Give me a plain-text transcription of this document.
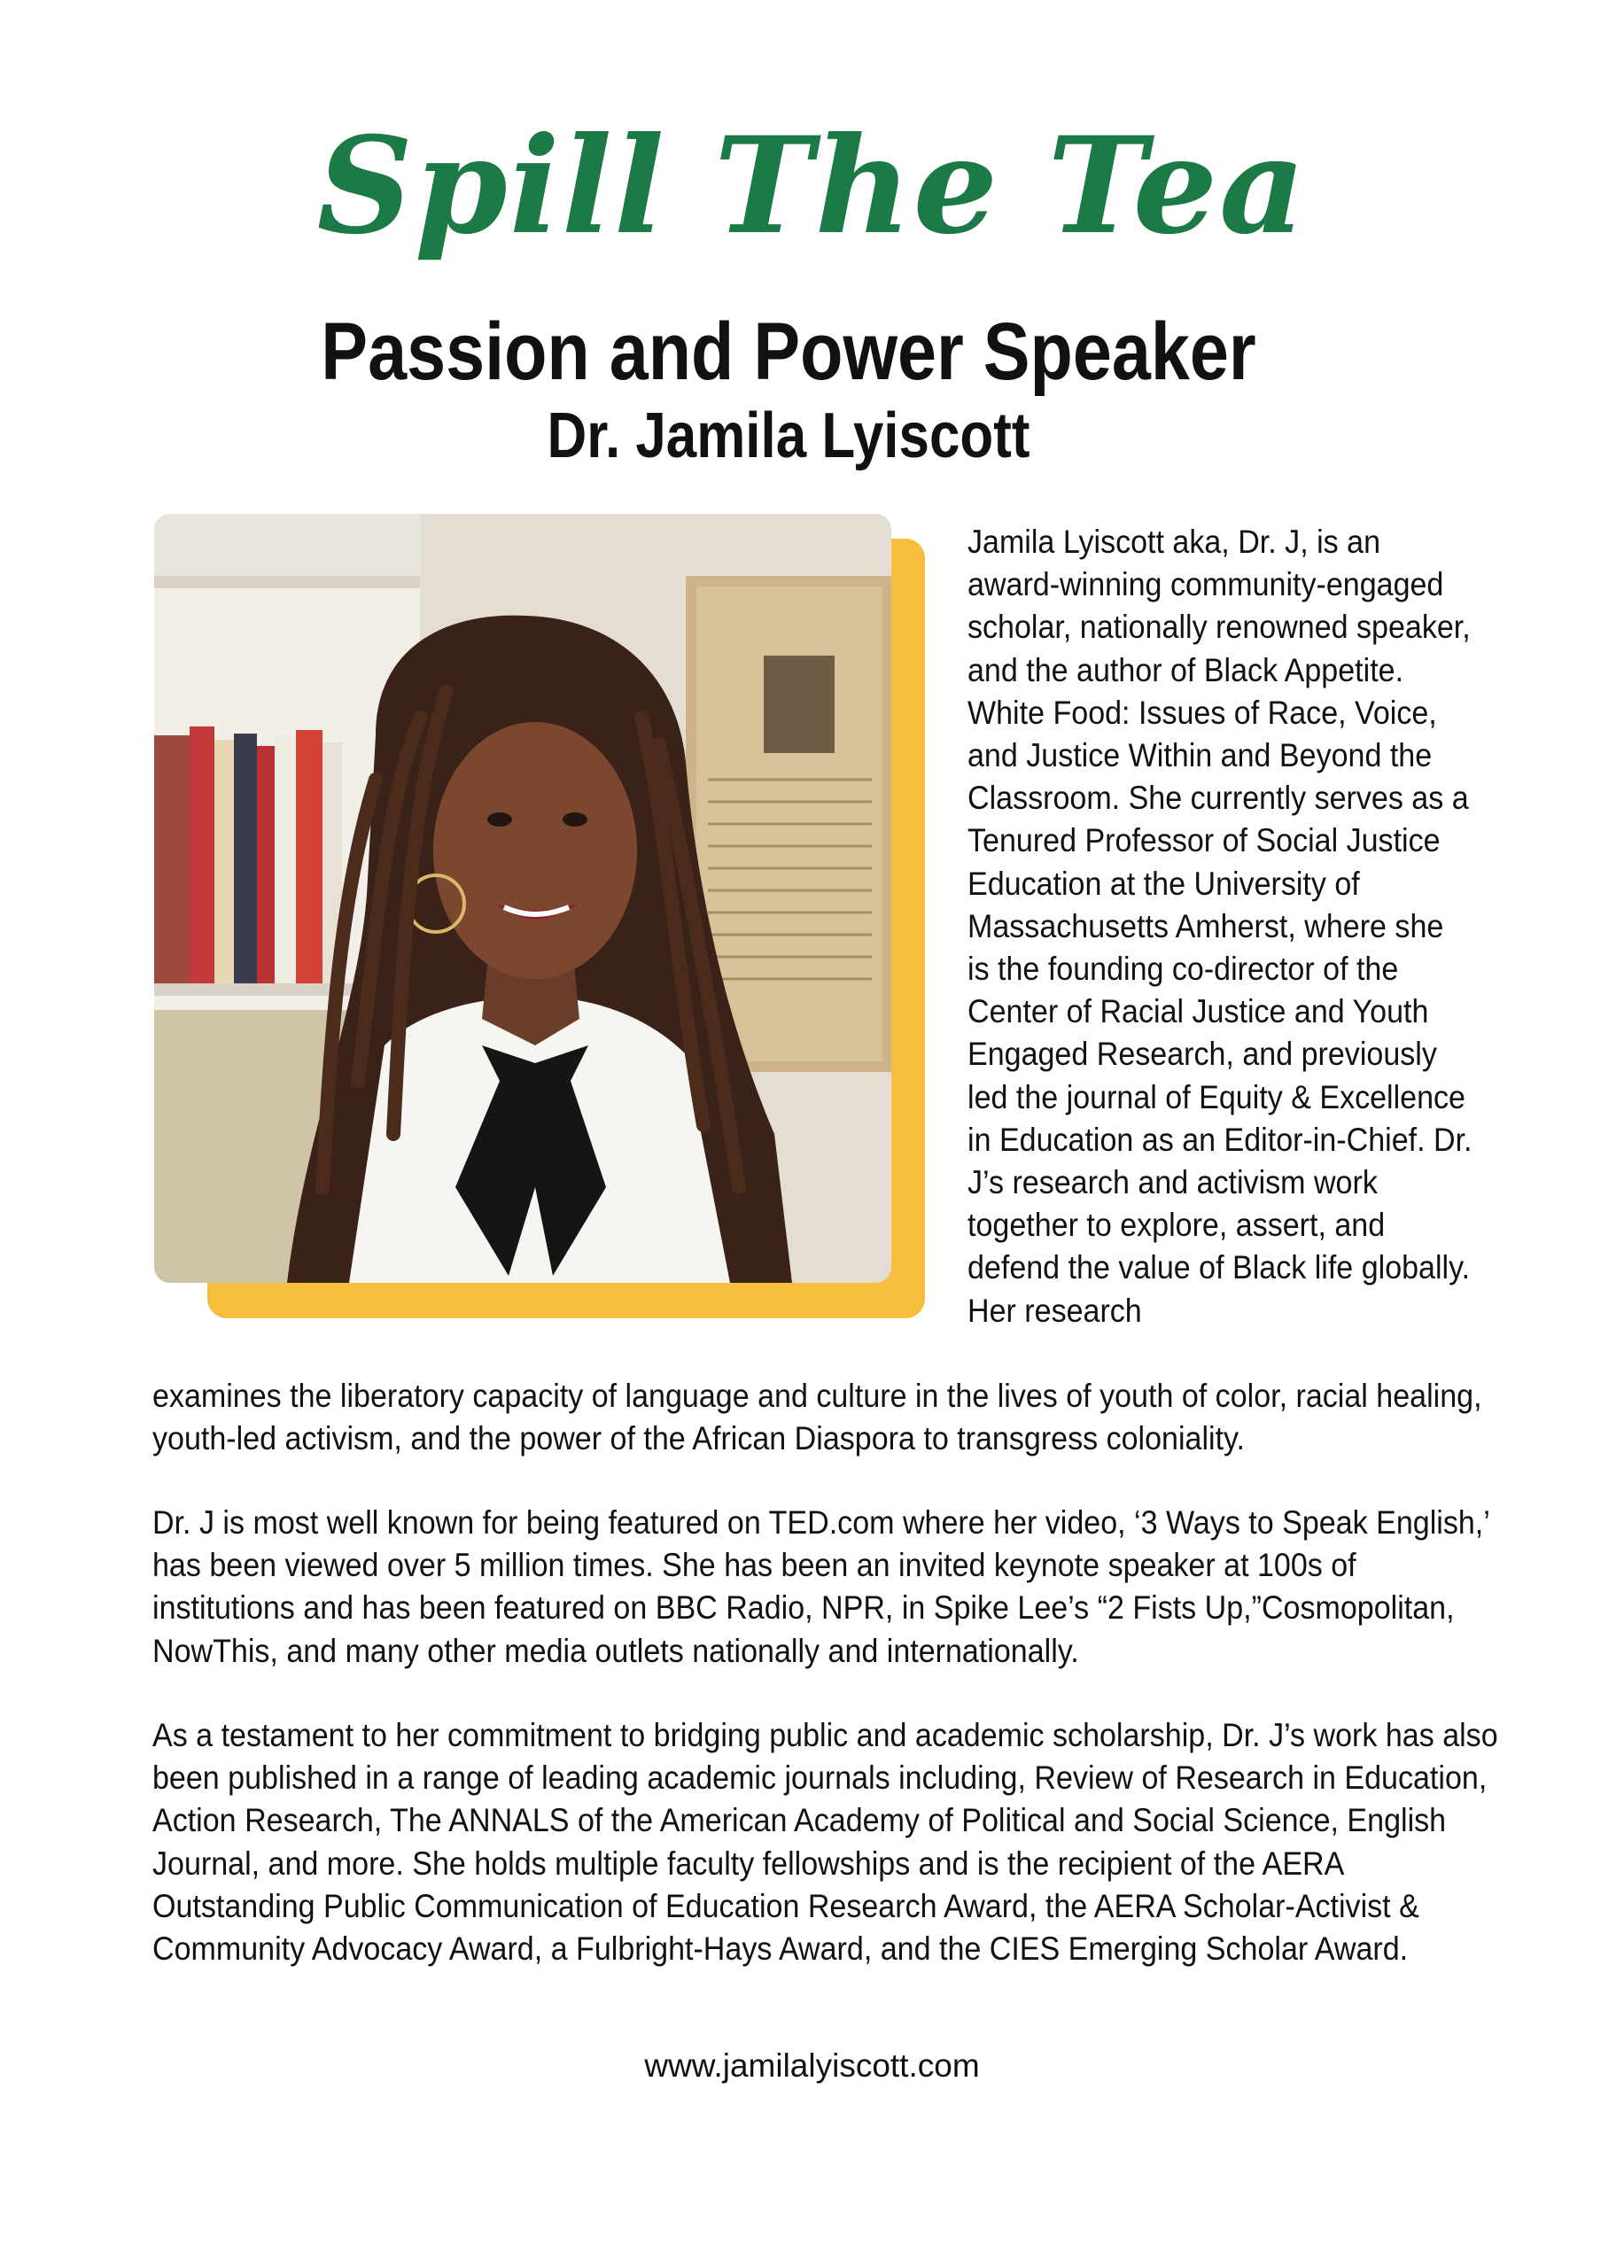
Spill The Tea
Passion and Power Speaker
Dr. Jamila Lyiscott
Jamila Lyiscott aka, Dr. J, is an award-winning community-engaged scholar, nationally renowned speaker, and the author of Black Appetite. White Food: Issues of Race, Voice, and Justice Within and Beyond the Classroom. She currently serves as a Tenured Professor of Social Justice Education at the University of Massachusetts Amherst, where she is the founding co-director of the Center of Racial Justice and Youth Engaged Research, and previously led the journal of Equity & Excellence in Education as an Editor-in-Chief. Dr. J’s research and activism work together to explore, assert, and defend the value of Black life globally. Her research
examines the liberatory capacity of language and culture in the lives of youth of color, racial healing, youth-led activism, and the power of the African Diaspora to transgress coloniality.
Dr. J is most well known for being featured on TED.com where her video, ‘3 Ways to Speak English,’ has been viewed over 5 million times. She has been an invited keynote speaker at 100s of institutions and has been featured on BBC Radio, NPR, in Spike Lee’s “2 Fists Up,”Cosmopolitan, NowThis, and many other media outlets nationally and internationally.
As a testament to her commitment to bridging public and academic scholarship, Dr. J’s work has also been published in a range of leading academic journals including, Review of Research in Education, Action Research, The ANNALS of the American Academy of Political and Social Science, English Journal, and more. She holds multiple faculty fellowships and is the recipient of the AERA Outstanding Public Communication of Education Research Award, the AERA Scholar-Activist & Community Advocacy Award, a Fulbright-Hays Award, and the CIES Emerging Scholar Award.
www.jamilalyiscott.com
